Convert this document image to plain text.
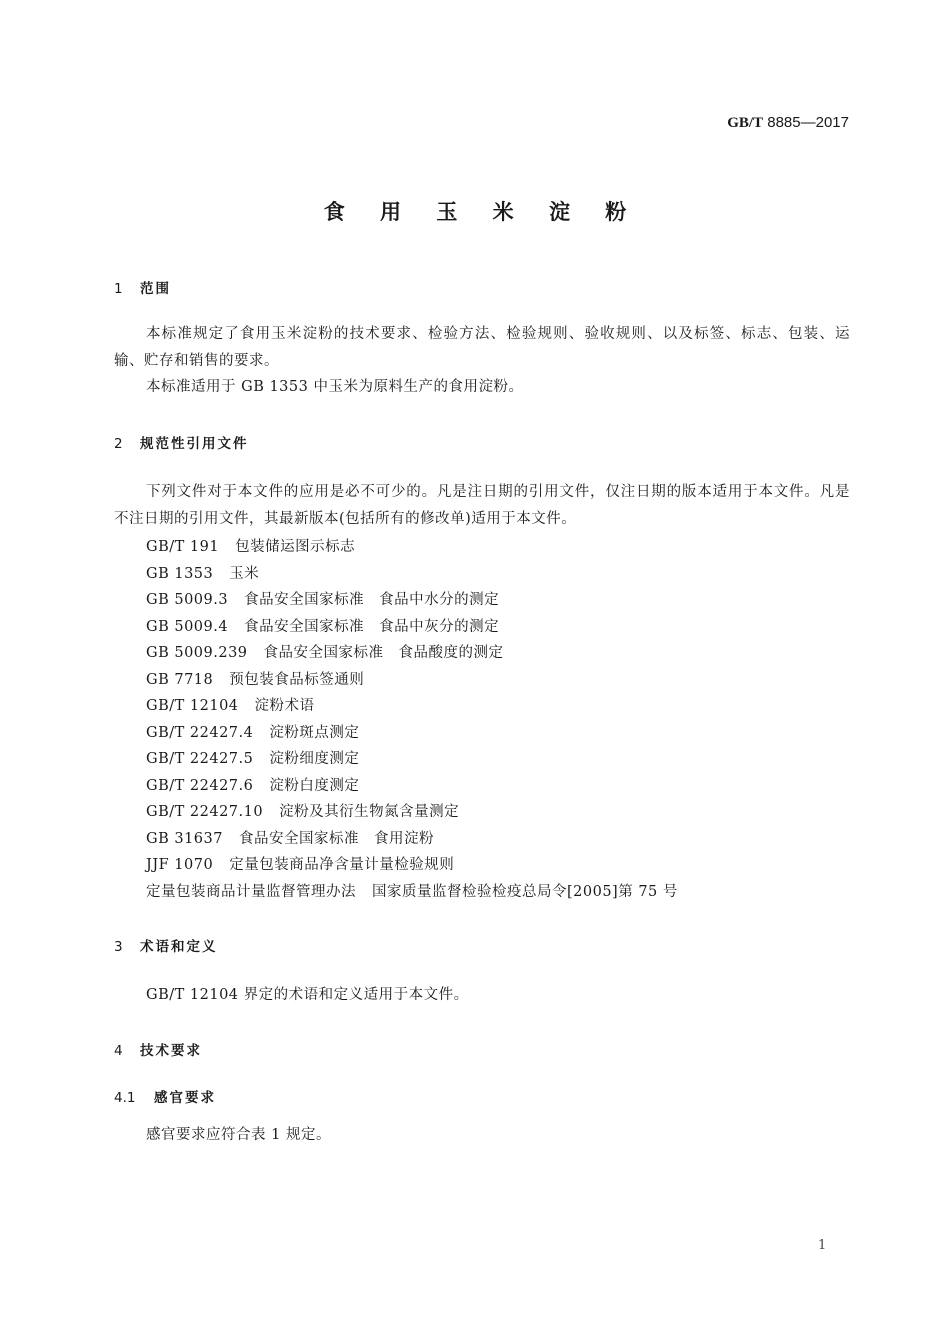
GB/T 8885—2017
食 用 玉 米 淀 粉
1 范围
本标准规定了食用玉米淀粉的技术要求、检验方法、检验规则、验收规则、以及标签、标志、包装、运输、贮存和销售的要求。
本标准适用于 GB 1353 中玉米为原料生产的食用淀粉。
2 规范性引用文件
下列文件对于本文件的应用是必不可少的。凡是注日期的引用文件，仅注日期的版本适用于本文件。凡是不注日期的引用文件，其最新版本(包括所有的修改单)适用于本文件。
GB/T 191 包装储运图示标志
GB 1353 玉米
GB 5009.3 食品安全国家标准　食品中水分的测定
GB 5009.4 食品安全国家标准　食品中灰分的测定
GB 5009.239 食品安全国家标准　食品酸度的测定
GB 7718 预包装食品标签通则
GB/T 12104 淀粉术语
GB/T 22427.4 淀粉斑点测定
GB/T 22427.5 淀粉细度测定
GB/T 22427.6 淀粉白度测定
GB/T 22427.10 淀粉及其衍生物氮含量测定
GB 31637 食品安全国家标准　食用淀粉
JJF 1070 定量包装商品净含量计量检验规则
定量包装商品计量监督管理办法 国家质量监督检验检疫总局令[2005]第 75 号
3 术语和定义
GB/T 12104 界定的术语和定义适用于本文件。
4 技术要求
4.1 感官要求
感官要求应符合表 1 规定。
1
